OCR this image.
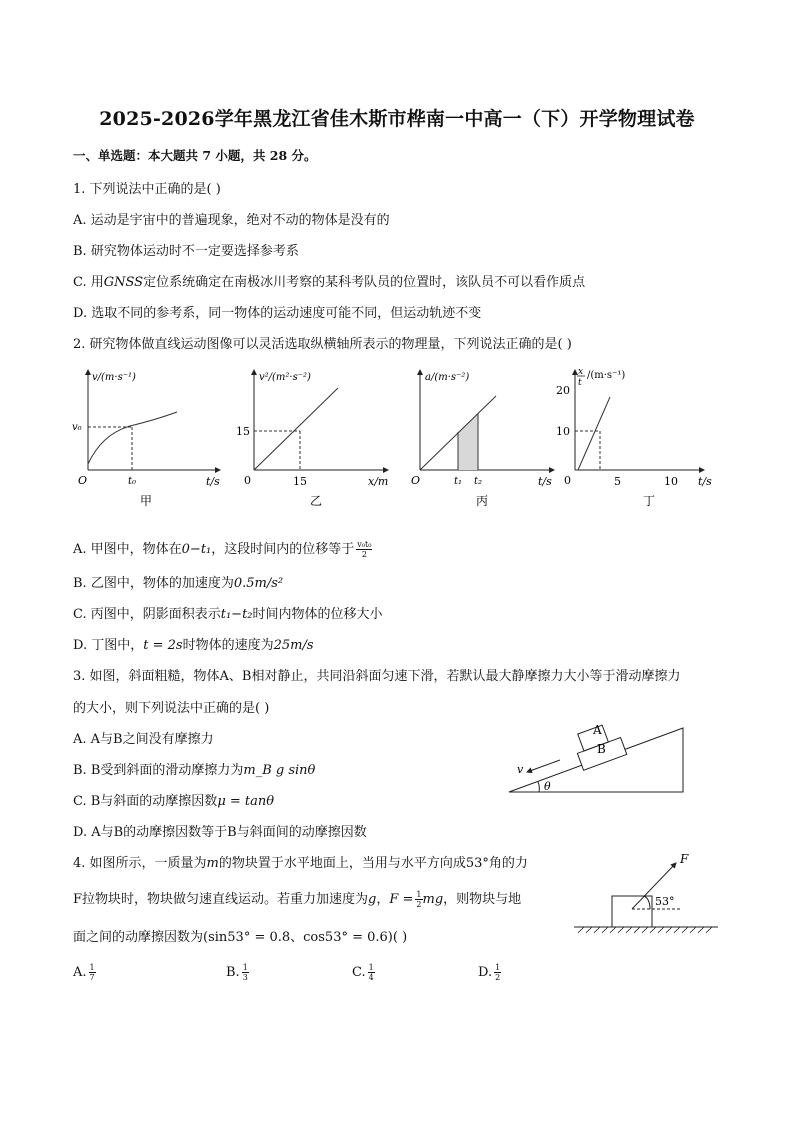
2025-2026学年黑龙江省佳木斯市桦南一中高一（下）开学物理试卷
一、单选题：本大题共 7 小题，共 28 分。
1. 下列说法中正确的是( )
A. 运动是宇宙中的普遍现象，绝对不动的物体是没有的
B. 研究物体运动时不一定要选择参考系
C. 用GNSS定位系统确定在南极冰川考察的某科考队员的位置时，该队员不可以看作质点
D. 选取不同的参考系，同一物体的运动速度可能不同，但运动轨迹不变
2. 研究物体做直线运动图像可以灵活选取纵横轴所表示的物理量，下列说法正确的是( )
v/(m·s⁻¹)
v₀
t₀
O	t/s
甲
v²/(m²·s⁻²)
15
15
0	x/m
乙
a/(m·s⁻²)
t₁ t₂
O	t/s
丙
x
t
/(m·s⁻¹)
20
10
0	5	10 t/s
丁
A. 甲图中，物体在0−t₁，这段时间内的位移等于 $\frac{\text{v₀t₀}}{2}$
B. 乙图中，物体的加速度为0.5m/s²
C. 丙图中，阴影面积表示t₁−t₂时间内物体的位移大小
D. 丁图中，t = 2s时物体的速度为25m/s
3. 如图，斜面粗糙，物体A、B相对静止，共同沿斜面匀速下滑，若默认最大静摩擦力大小等于滑动摩擦力
的大小，则下列说法中正确的是( )
A. A与B之间没有摩擦力
B. B受到斜面的滑动摩擦力为m_B g sinθ
C. B与斜面的动摩擦因数μ = tanθ
D. A与B的动摩擦因数等于B与斜面间的动摩擦因数
B
A
v
θ
4. 如图所示，一质量为m的物块置于水平地面上，当用与水平方向成53°角的力
F拉物块时，物块做匀速直线运动。若重力加速度为g，$F = \frac{1}{2}$ mg，则物块与地
面之间的动摩擦因数为(sin53° = 0.8、cos53° = 0.6)( )
F
53°
A. $\frac{1}{7}$	B. $\frac{1}{3}$	C. $\frac{1}{4}$	D. $\frac{1}{2}$
